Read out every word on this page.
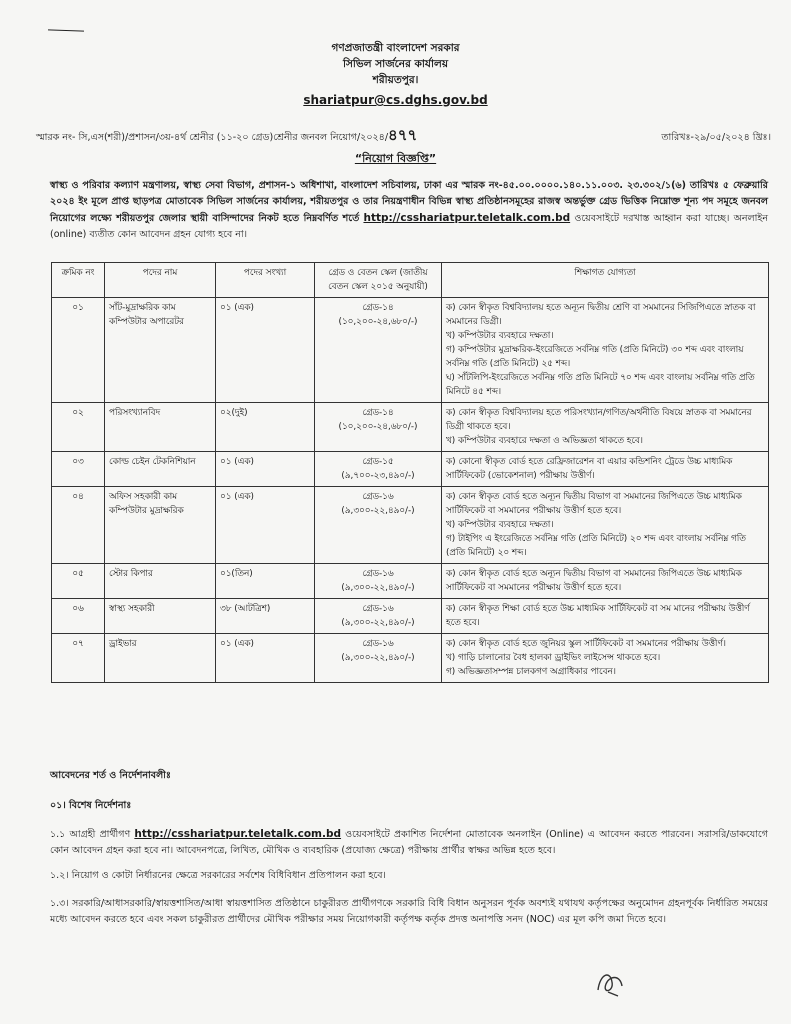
গণপ্রজাতন্ত্রী বাংলাদেশ সরকার
সিভিল সার্জনের কার্যালয়
শরীয়তপুর।
shariatpur@cs.dghs.gov.bd
স্মারক নং- সি,এস(শরী)/প্রশাসন/৩য়-৪র্থ শ্রেনীর (১১-২০ গ্রেড)শ্রেনীর জনবল নিয়োগ/২০২৪/৪৭৭	তারিখঃ-২৯/০৫/২০২৪ খ্রিঃ।
“নিয়োগ বিজ্ঞপ্তি”
স্বাস্থ্য ও পরিবার কল্যাণ মন্ত্রণালয়, স্বাস্থ্য সেবা বিভাগ, প্রশাসন-১ অধিশাখা, বাংলাদেশ সচিবালয়, ঢাকা এর স্মারক নং-৪৫.০০.০০০০.১৪০.১১.০০৩. ২৩.৩০২/১(৬) তারিখঃ ৫ ফেব্রুয়ারি ২০২৪ ইং মূলে প্রাপ্ত ছাড়পত্র মোতাবেক সিভিল সার্জনের কার্যালয়, শরীয়তপুর ও তার নিয়ন্ত্রণাধীন বিভিন্ন স্বাস্থ্য প্রতিষ্ঠানসমূহের রাজস্ব অন্তর্ভুক্ত গ্রেড ভিত্তিক নিম্নোক্ত শূন্য পদ সমূহে জনবল নিয়োগের লক্ষ্যে শরীয়তপুর জেলার স্থায়ী বাসিন্দাদের নিকট হতে নিম্নবর্ণিত শর্তে http://csshariatpur.teletalk.com.bd ওয়েবসাইটে দরখাস্ত আহ্বান করা যাচ্ছে। অনলাইন (online) ব্যতীত কোন আবেদন গ্রহন যোগ্য হবে না।
ক্রমিক নং	পদের নাম	পদের সংখ্যা	গ্রেড ও বেতন স্কেল (জাতীয় বেতন স্কেল ২০১৫ অনুযায়ী)	শিক্ষাগত যোগ্যতা
০১	সাঁট-মুদ্রাক্ষরিক কাম কম্পিউটার অপারেটর	০১ (এক)	গ্রেড-১৪
(১০,২০০-২৪,৬৮০/-)	ক) কোন স্বীকৃত বিশ্ববিদ্যালয় হতে অন্যূন দ্বিতীয় শ্রেণি বা সমমানের সিজিপিএতে স্নাতক বা সমমানের ডিগ্রী।
খ) কম্পিউটার ব্যবহারে দক্ষতা।
গ) কম্পিউটার মুদ্রাক্ষরিক-ইংরেজিতে সর্বনিম্ন গতি (প্রতি মিনিটে) ৩০ শব্দ এবং বাংলায় সর্বনিম্ন গতি (প্রতি মিনিটে) ২৫ শব্দ।
ঘ) সাঁটলিপি-ইংরেজিতে সর্বনিম্ন গতি প্রতি মিনিটে ৭০ শব্দ এবং বাংলায় সর্বনিম্ন গতি প্রতি মিনিটে ৪৫ শব্দ।

০২	পরিসংখ্যানবিদ	০২(দুই)	গ্রেড-১৪
(১০,২০০-২৪,৬৮০/-)	ক) কোন স্বীকৃত বিশ্ববিদ্যালয় হতে পরিসংখ্যান/গণিত/অর্থনীতি বিষয়ে স্নাতক বা সমমানের ডিগ্রী থাকতে হবে।
খ) কম্পিউটার ব্যবহারে দক্ষতা ও অভিজ্ঞতা থাকতে হবে।

০৩	কোল্ড চেইন টেকনিশিয়ান	০১ (এক)	গ্রেড-১৫
(৯,৭০০-২৩,৪৯০/-)	ক) কোনো স্বীকৃত বোর্ড হতে রেফ্রিজারেশন বা এয়ার কন্ডিশনিং ট্রেডে উচ্চ মাধ্যমিক সার্টিফিকেট (ভোকেশনাল) পরীক্ষায় উত্তীর্ণ।

০৪	অফিস সহকারী কাম কম্পিউটার মুদ্রাক্ষরিক	০১ (এক)	গ্রেড-১৬
(৯,৩০০-২২,৪৯০/-)	ক) কোন স্বীকৃত বোর্ড হতে অন্যূন দ্বিতীয় বিভাগ বা সমমানের জিপিএতে উচ্চ মাধ্যমিক সার্টিফিকেট বা সমমানের পরীক্ষায় উত্তীর্ণ হতে হবে।
খ) কম্পিউটার ব্যবহারে দক্ষতা।
গ) টাইপিং এ ইংরেজিতে সর্বনিম্ন গতি (প্রতি মিনিটে) ২০ শব্দ এবং বাংলায় সর্বনিম্ন গতি (প্রতি মিনিটে) ২০ শব্দ।

০৫	স্টোর কিপার	০১(তিন)	গ্রেড-১৬
(৯,৩০০-২২,৪৯০/-)	ক) কোন স্বীকৃত বোর্ড হতে অন্যূন দ্বিতীয় বিভাগ বা সমমানের জিপিএতে উচ্চ মাধ্যমিক সার্টিফিকেট বা সমমানের পরীক্ষায় উত্তীর্ণ হতে হবে।

০৬	স্বাস্থ্য সহকারী	৩৮ (আটত্রিশ)	গ্রেড-১৬
(৯,৩০০-২২,৪৯০/-)	ক) কোন স্বীকৃত শিক্ষা বোর্ড হতে উচ্চ মাধ্যমিক সার্টিফিকেট বা সম মানের পরীক্ষায় উত্তীর্ণ হতে হবে।

০৭	ড্রাইভার	০১ (এক)	গ্রেড-১৬
(৯,৩০০-২২,৪৯০/-)	ক) কোন স্বীকৃত বোর্ড হতে জুনিয়র স্কুল সার্টিফিকেট বা সমমানের পরীক্ষায় উত্তীর্ণ।
খ) গাড়ি চালানোর বৈধ হালকা ড্রাইভিং লাইসেন্স থাকতে হবে।
গ) অভিজ্ঞতাসম্পন্ন চালকগণ অগ্রাধিকার পাবেন।
আবেদনের শর্ত ও নির্দেশনাবলীঃ
০১। বিশেষ নির্দেশনাঃ
১.১ আগ্রহী প্রার্থীগণ http://csshariatpur.teletalk.com.bd ওয়েবসাইটে প্রকাশিত নির্দেশনা মোতাবেক অনলাইন (Online) এ আবেদন করতে পারবেন। সরাসরি/ডাকযোগে কোন আবেদন গ্রহন করা হবে না। আবেদনপত্রে, লিখিত, মৌখিক ও ব্যবহারিক (প্রযোজ্য ক্ষেত্রে) পরীক্ষায় প্রার্থীর স্বাক্ষর অভিন্ন হতে হবে।
১.২। নিয়োগ ও কোটা নির্ধারনের ক্ষেত্রে সরকারের সর্বশেষ বিধিবিধান প্রতিপালন করা হবে।
১.৩। সরকারি/আধাসরকারি/স্বায়ত্তশাসিত/আধা স্বায়ত্তশাসিত প্রতিষ্ঠানে চাকুরীরত প্রার্থীগণকে সরকারি বিধি বিধান অনুসরন পূর্বক অবশ্যই যথাযথ কর্তৃপক্ষের অনুমোদন গ্রহনপূর্বক নির্ধারিত সময়ের মধ্যে আবেদন করতে হবে এবং সকল চাকুরীরত প্রার্থীদের মৌখিক পরীক্ষার সময় নিয়োগকারী কর্তৃপক্ষ কর্তৃক প্রদত্ত অনাপত্তি সনদ (NOC) এর মূল কপি জমা দিতে হবে।
